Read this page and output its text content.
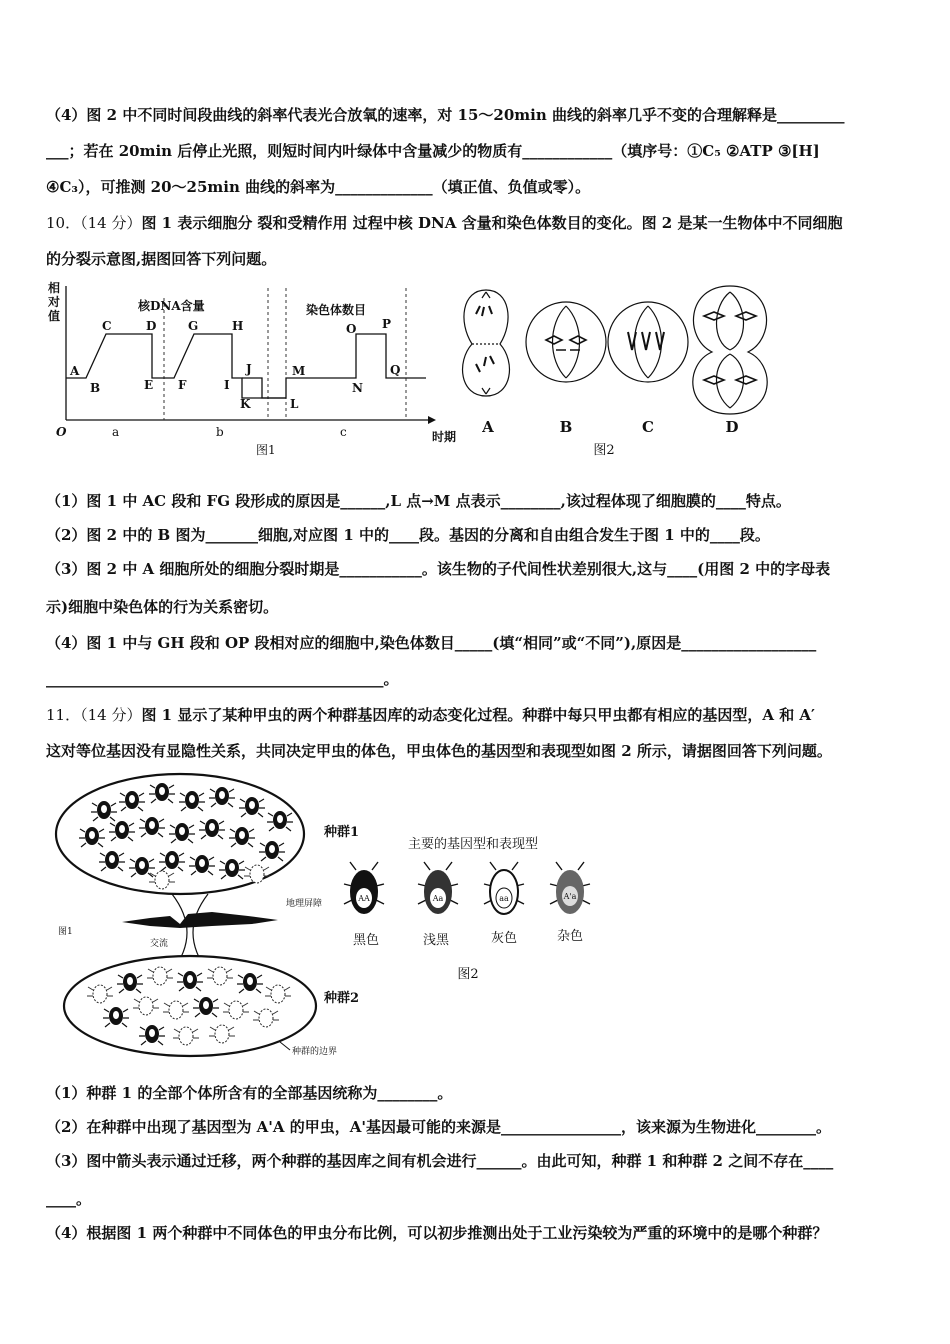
（4）图 2 中不同时间段曲线的斜率代表光合放氧的速率，对 15～20min 曲线的斜率几乎不变的合理解释是_________
___；若在 20min 后停止光照，则短时间内叶绿体中含量减少的物质有____________（填序号：①C₅ ②ATP ③[H]
④C₃），可推测 20～25min 曲线的斜率为_____________（填正值、负值或零）。
10．（14 分）图 1 表示细胞分 裂和受精作用 过程中核 DNA 含量和染色体数目的变化。图 2 是某一生物体中不同细胞
的分裂示意图,据图回答下列问题。
相
对
值
核DNA含量	染色体数目
A
B
C	D
E F
G	H
I
J
K	L
M
N
O P
Q
O	a	b	c	时期
图1
A	B	C	D
图2
（1）图 1 中 AC 段和 FG 段形成的原因是______,L 点→M 点表示________,该过程体现了细胞膜的____特点。
（2）图 2 中的 B 图为_______细胞,对应图 1 中的____段。基因的分离和自由组合发生于图 1 中的____段。
（3）图 2 中 A 细胞所处的细胞分裂时期是___________。该生物的子代间性状差别很大,这与____(用图 2 中的字母表
示)细胞中染色体的行为关系密切。
（4）图 1 中与 GH 段和 OP 段相对应的细胞中,染色体数目_____(填“相同”或“不同”),原因是__________________
_____________________________________________。
11．（14 分）图 1 显示了某种甲虫的两个种群基因库的动态变化过程。种群中每只甲虫都有相应的基因型，A 和 A′
这对等位基因没有显隐性关系，共同决定甲虫的体色，甲虫体色的基因型和表现型如图 2 所示，请据图回答下列问题。
种群1
种群2
地理屏障
交流
图1
种群的边界
主要的基因型和表现型
AA	Aa	aa	A'a
黑色	浅黑	灰色	杂色
图2
（1）种群 1 的全部个体所含有的全部基因统称为________。
（2）在种群中出现了基因型为 A'A 的甲虫，A'基因最可能的来源是________________，该来源为生物进化________。
（3）图中箭头表示通过迁移，两个种群的基因库之间有机会进行______。由此可知，种群 1 和种群 2 之间不存在____
____。
（4）根据图 1 两个种群中不同体色的甲虫分布比例，可以初步推测出处于工业污染较为严重的环境中的是哪个种群？
